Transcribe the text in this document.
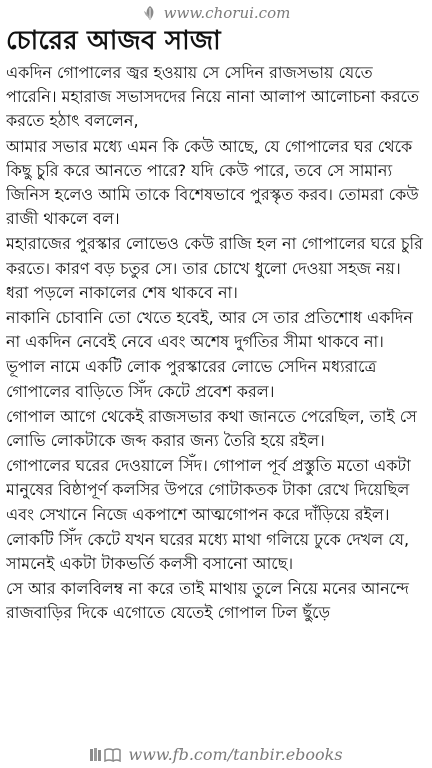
www.chorui.com
চোরের আজব সাজা

একদিন গোপালের জ্বর হওয়ায় সে সেদিন রাজসভায় যেতে পারেনি। মহারাজ সভাসদদের নিয়ে নানা আলাপ আলোচনা করতে করতে হঠাৎ বললেন,

আমার সভার মধ্যে এমন কি কেউ আছে, যে গোপালের ঘর থেকে কিছু চুরি করে আনতে পারে? যদি কেউ পারে, তবে সে সামান্য জিনিস হলেও আমি তাকে বিশেষভাবে পুরস্কৃত করব। তোমরা কেউ রাজী থাকলে বল।

মহারাজের পুরস্কার লোভেও কেউ রাজি হল না গোপালের ঘরে চুরি করতে। কারণ বড় চতুর সে। তার চোখে ধুলো দেওয়া সহজ নয়। ধরা পড়লে নাকালের শেষ থাকবে না।

নাকানি চোবানি তো খেতে হবেই, আর সে তার প্রতিশোধ একদিন না একদিন নেবেই নেবে এবং অশেষ দুর্গতির সীমা থাকবে না।

ভূপাল নামে একটি লোক পুরস্কারের লোভে সেদিন মধ্যরাত্রে গোপালের বাড়িতে সিঁদ কেটে প্রবেশ করল।

গোপাল আগে থেকেই রাজসভার কথা জানতে পেরেছিল, তাই সে লোভি লোকটাকে জব্দ করার জন্য তৈরি হয়ে রইল।

গোপালের ঘরের দেওয়ালে সিঁদ। গোপাল পূর্ব প্রস্তুতি মতো একটা মানুষের বিষ্ঠাপূর্ণ কলসির উপরে গোটাকতক টাকা রেখে দিয়েছিল এবং সেখানে নিজে একপাশে আত্মগোপন করে দাঁড়িয়ে রইল।

লোকটি সিঁদ কেটে যখন ঘরের মধ্যে মাথা গলিয়ে ঢুকে দেখল যে, সামনেই একটা টাকভর্তি কলসী বসানো আছে।

সে আর কালবিলম্ব না করে তাই মাথায় তুলে নিয়ে মনের আনন্দে রাজবাড়ির দিকে এগোতে যেতেই গোপাল ঢিল ছুঁড়ে

www.fb.com/tanbir.ebooks
